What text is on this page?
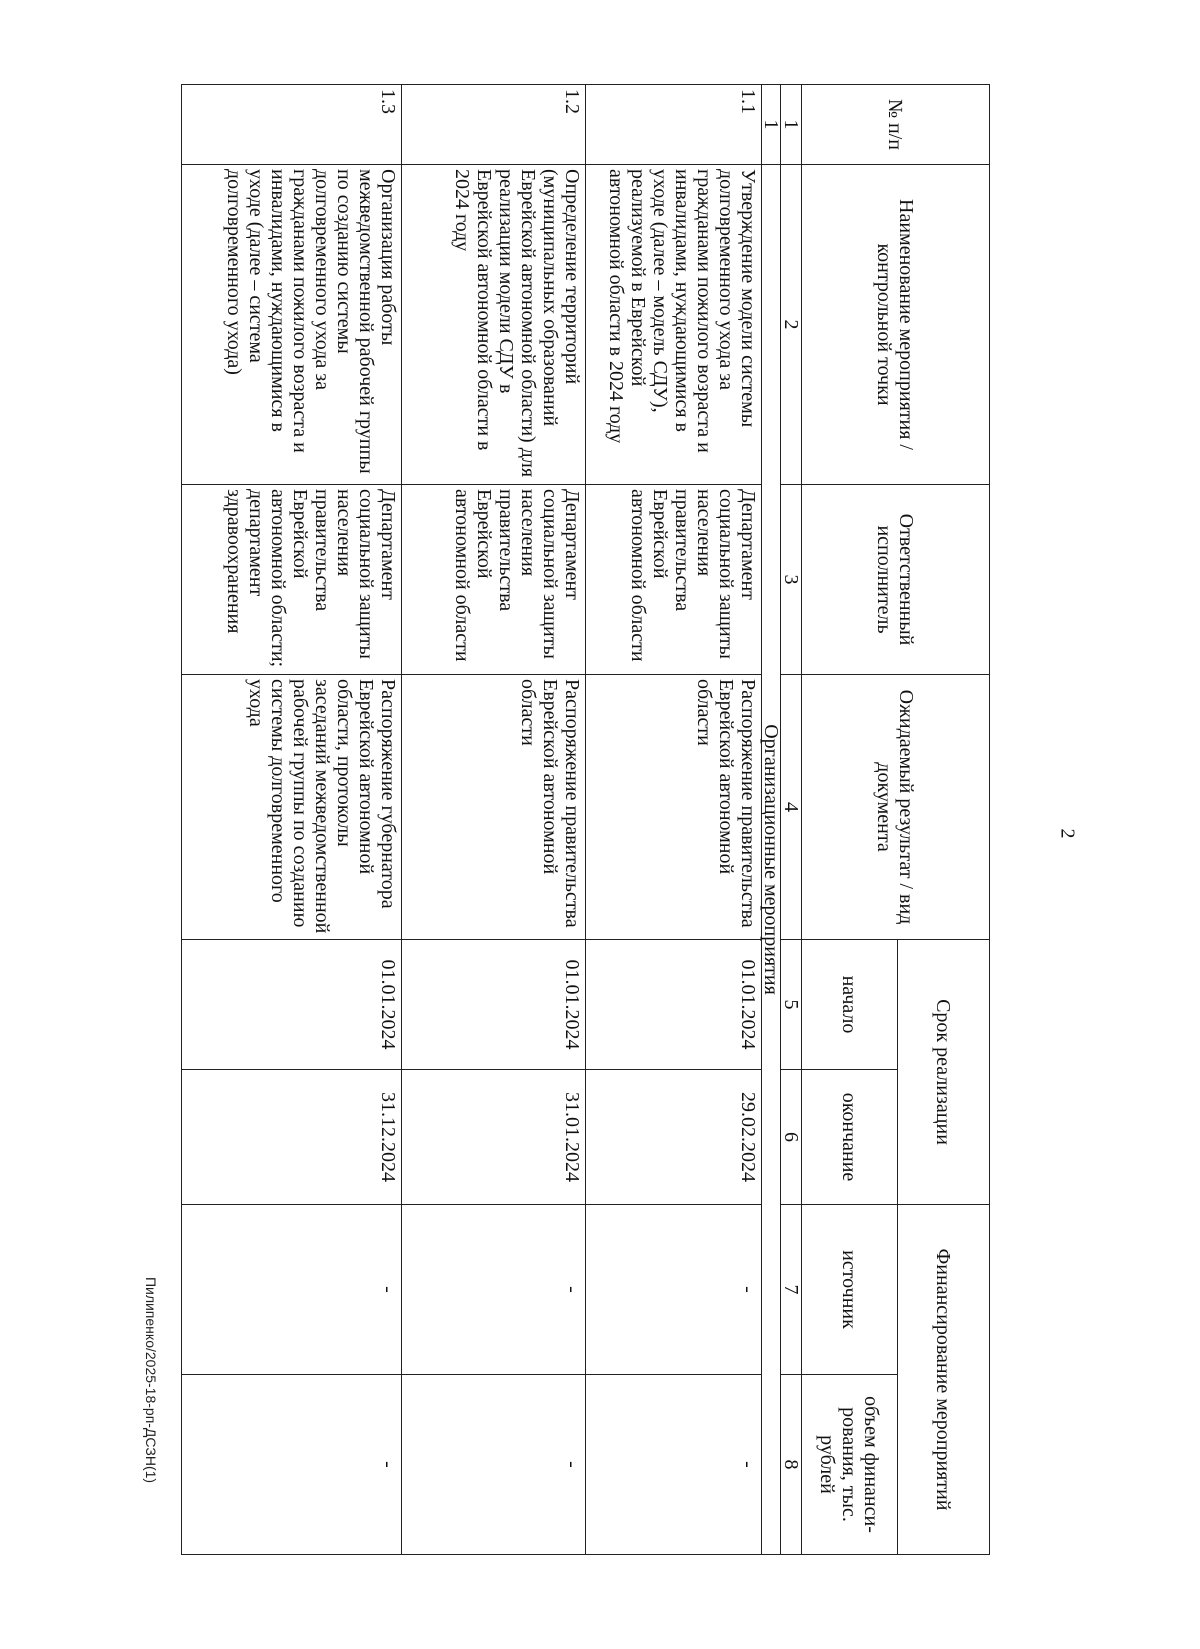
2
№ п/п	Наименование мероприятия / контрольной точки	Ответственный исполнитель	Ожидаемый результат / вид документа	Срок реализации		Финансирование мероприятий	
				начало	окончание	источник	объем финанси-рования, тыс. рублей
1	2	3	4	5	6	7	8
1	Организационные мероприятия						
1.1	Утверждение модели системы долговременного ухода за гражданами пожилого возраста и инвалидами, нуждающимися в уходе (далее – модель СДУ), реализуемой в Еврейской автономной области в 2024 году	Департамент социальной защиты населения правительства Еврейской автономной области	Распоряжение правительства Еврейской автономной области	01.01.2024	29.02.2024	-	-
1.2	Определение территорий (муниципальных образований Еврейской автономной области) для реализации модели СДУ в Еврейской автономной области в 2024 году	Департамент социальной защиты населения правительства Еврейской автономной области	Распоряжение правительства Еврейской автономной области	01.01.2024	31.01.2024	-	-
1.3	Организация работы межведомственной рабочей группы по созданию системы долговременного ухода за гражданами пожилого возраста и инвалидами, нуждающимися в уходе (далее – система долговременного ухода)	Департамент социальной защиты населения правительства Еврейской автономной области; департамент здравоохранения	Распоряжение губернатора Еврейской автономной области, протоколы заседаний межведомственной рабочей группы по созданию системы долговременного ухода	01.01.2024	31.12.2024	-	-
Пилипенко/2025-18-рп-ДСЗН(1)
